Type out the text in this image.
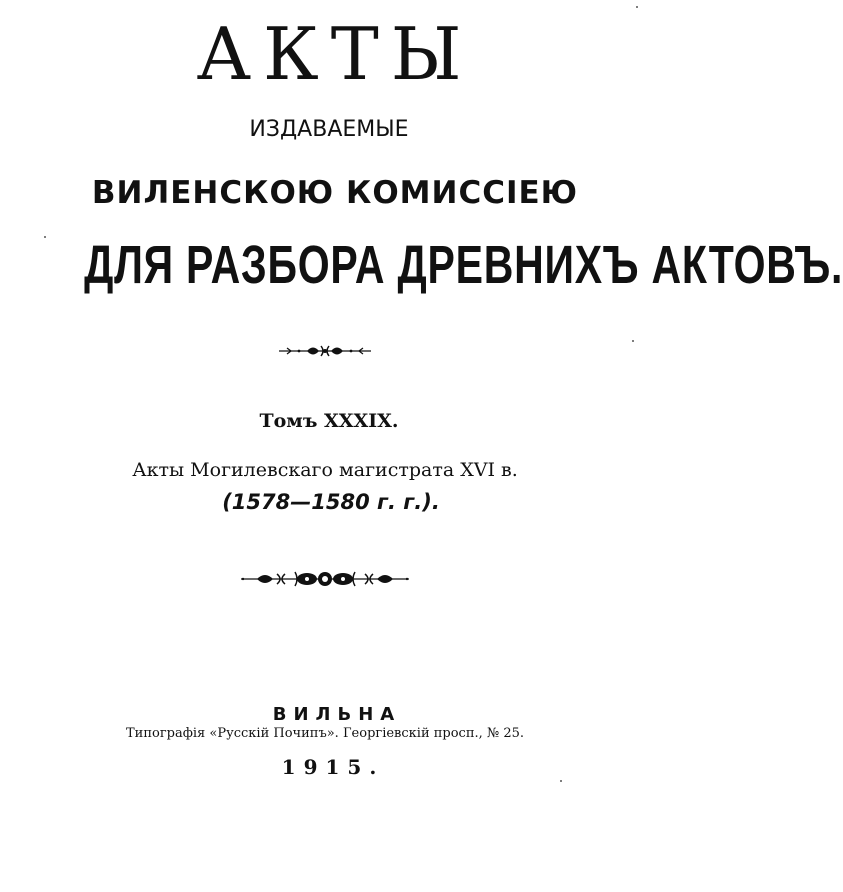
АКТЫ
ИЗДАВАЕМЫЕ
ВИЛЕНСКОЮ КОМИССІЕЮ
ДЛЯ РАЗБОРА ДРЕВНИХЪ АКТОВЪ.
Томъ XXXIX.
Акты Могилевскаго магистрата XVI в.
(1578—1580 г. г.).
ВИЛЬНА
Типографія «Русскій Почипъ». Георгіевскій просп., № 25.
1915.
